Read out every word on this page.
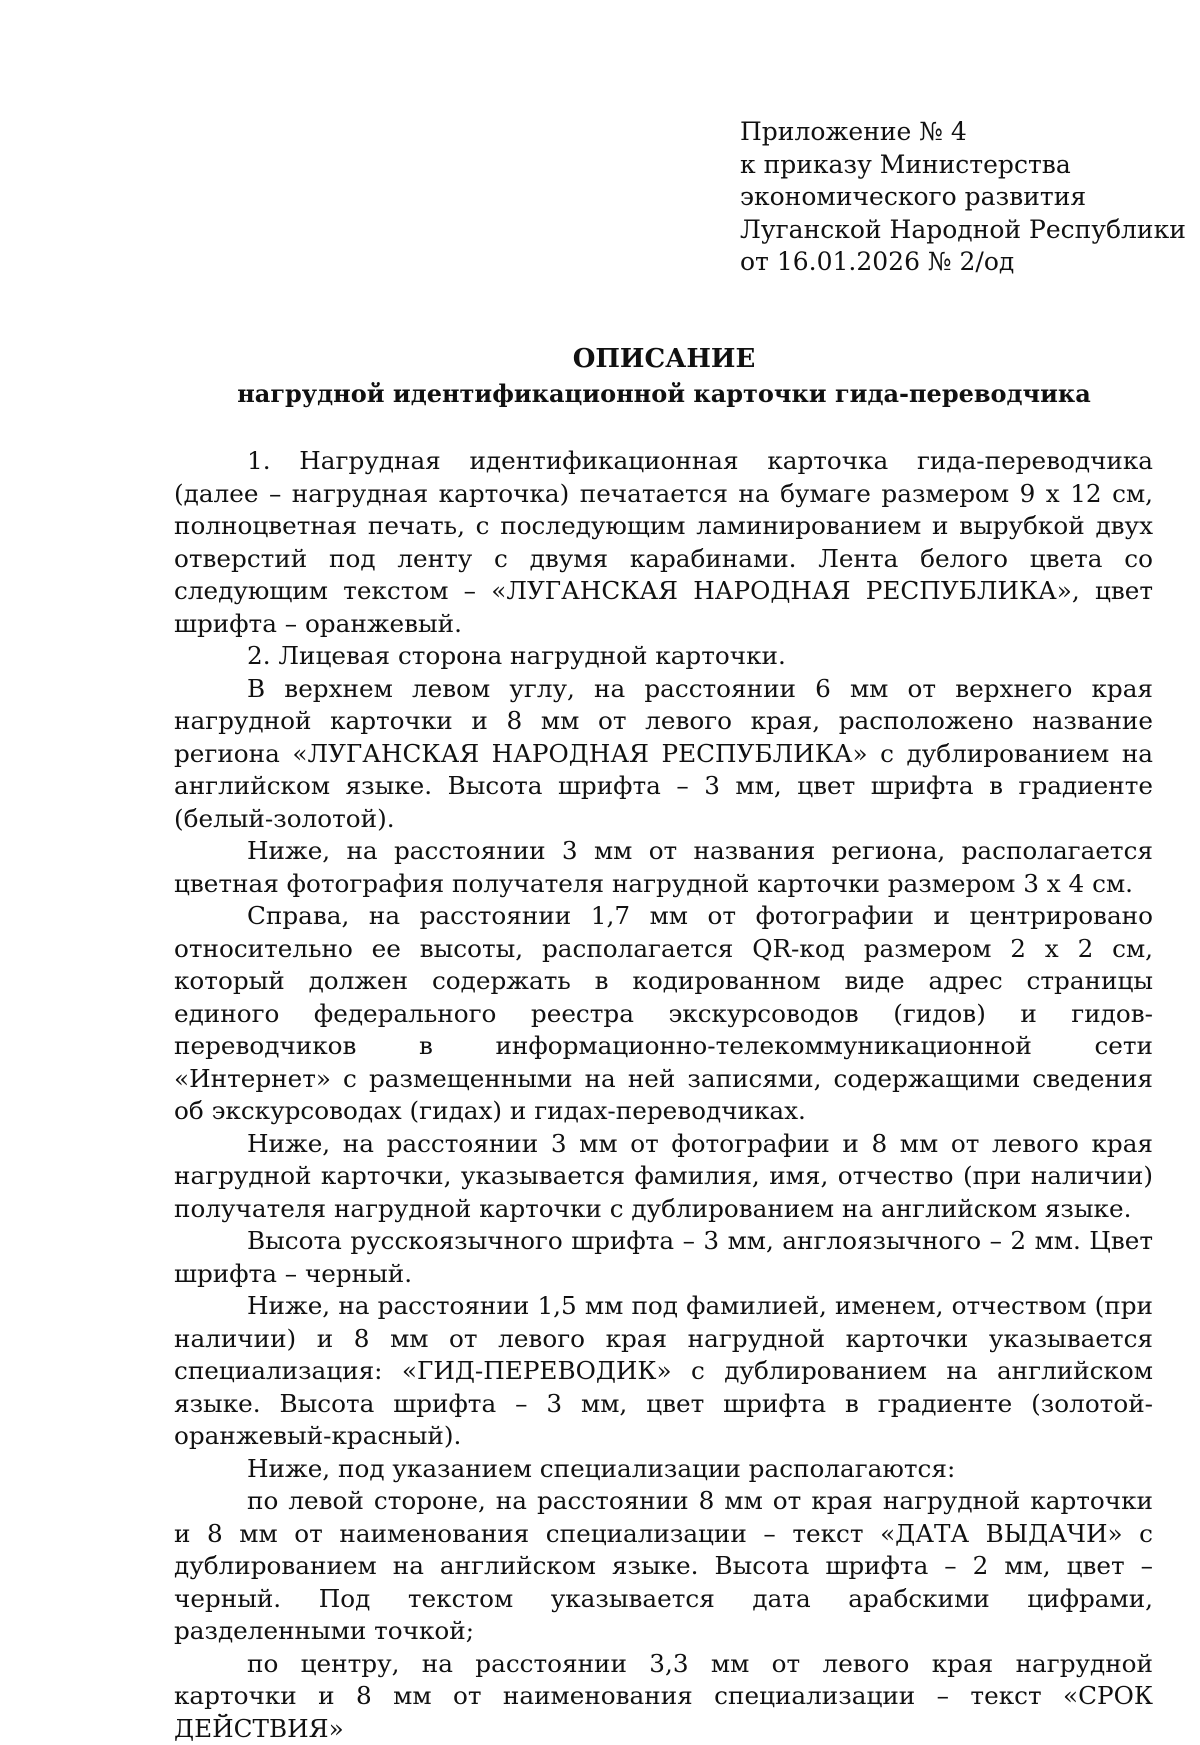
Приложение № 4
к приказу Министерства
экономического развития
Луганской Народной Республики
от 16.01.2026 № 2/од
ОПИСАНИЕ
нагрудной идентификационной карточки гида-переводчика

1. Нагрудная идентификационная карточка гида-переводчика (далее – нагрудная карточка) печатается на бумаге размером 9 х 12 см, полноцветная печать, с последующим ламинированием и вырубкой двух отверстий под ленту с двумя карабинами. Лента белого цвета со следующим текстом – «ЛУГАНСКАЯ НАРОДНАЯ РЕСПУБЛИКА», цвет шрифта – оранжевый.

2. Лицевая сторона нагрудной карточки.

В верхнем левом углу, на расстоянии 6 мм от верхнего края нагрудной карточки и 8 мм от левого края, расположено название региона «ЛУГАНСКАЯ НАРОДНАЯ РЕСПУБЛИКА» с дублированием на английском языке. Высота шрифта – 3 мм, цвет шрифта в градиенте (белый-золотой).

Ниже, на расстоянии 3 мм от названия региона, располагается цветная фотография получателя нагрудной карточки размером 3 х 4 см.

Справа, на расстоянии 1,7 мм от фотографии и центрировано относительно ее высоты, располагается QR-код размером 2 х 2 см, который должен содержать в кодированном виде адрес страницы единого федерального реестра экскурсоводов (гидов) и гидов-переводчиков в информационно-телекоммуникационной сети «Интернет» с размещенными на ней записями, содержащими сведения об экскурсоводах (гидах) и гидах-переводчиках.

Ниже, на расстоянии 3 мм от фотографии и 8 мм от левого края нагрудной карточки, указывается фамилия, имя, отчество (при наличии) получателя нагрудной карточки с дублированием на английском языке.

Высота русскоязычного шрифта – 3 мм, англоязычного – 2 мм. Цвет шрифта – черный.

Ниже, на расстоянии 1,5 мм под фамилией, именем, отчеством (при наличии) и 8 мм от левого края нагрудной карточки указывается специализация: «ГИД-ПЕРЕВОДИК» с дублированием на английском языке. Высота шрифта – 3 мм, цвет шрифта в градиенте (золотой-оранжевый-красный).

Ниже, под указанием специализации располагаются:

по левой стороне, на расстоянии 8 мм от края нагрудной карточки и 8 мм от наименования специализации – текст «ДАТА ВЫДАЧИ» с дублированием на английском языке. Высота шрифта – 2 мм, цвет – черный. Под текстом указывается дата арабскими цифрами, разделенными точкой;

по центру, на расстоянии 3,3 мм от левого края нагрудной карточки и 8 мм от наименования специализации – текст «СРОК ДЕЙСТВИЯ»
